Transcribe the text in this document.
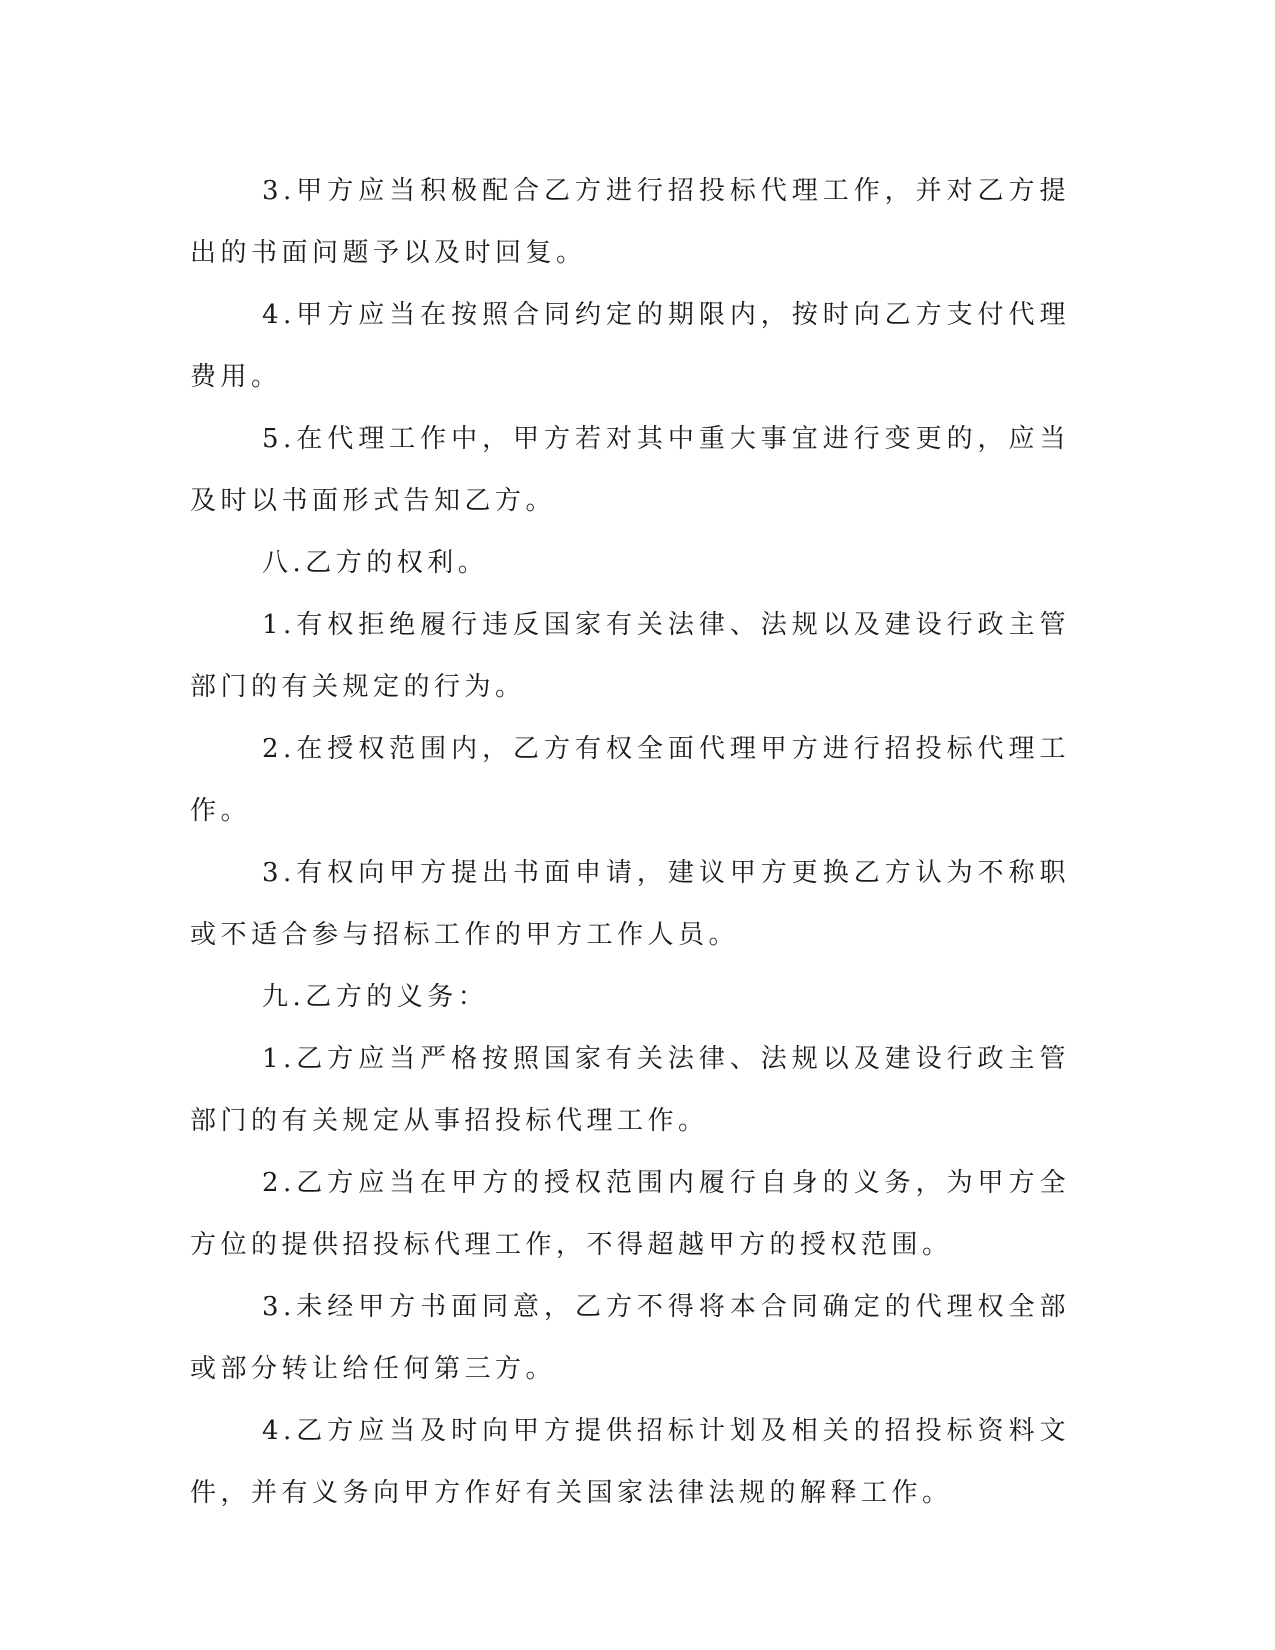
3.甲方应当积极配合乙方进行招投标代理工作，并对乙方提出的书面问题予以及时回复。

4.甲方应当在按照合同约定的期限内，按时向乙方支付代理费用。

5.在代理工作中，甲方若对其中重大事宜进行变更的，应当及时以书面形式告知乙方。

八.乙方的权利。

1.有权拒绝履行违反国家有关法律、法规以及建设行政主管部门的有关规定的行为。

2.在授权范围内，乙方有权全面代理甲方进行招投标代理工作。

3.有权向甲方提出书面申请，建议甲方更换乙方认为不称职或不适合参与招标工作的甲方工作人员。

九.乙方的义务：

1.乙方应当严格按照国家有关法律、法规以及建设行政主管部门的有关规定从事招投标代理工作。

2.乙方应当在甲方的授权范围内履行自身的义务，为甲方全方位的提供招投标代理工作，不得超越甲方的授权范围。

3.未经甲方书面同意，乙方不得将本合同确定的代理权全部或部分转让给任何第三方。

4.乙方应当及时向甲方提供招标计划及相关的招投标资料文件，并有义务向甲方作好有关国家法律法规的解释工作。
